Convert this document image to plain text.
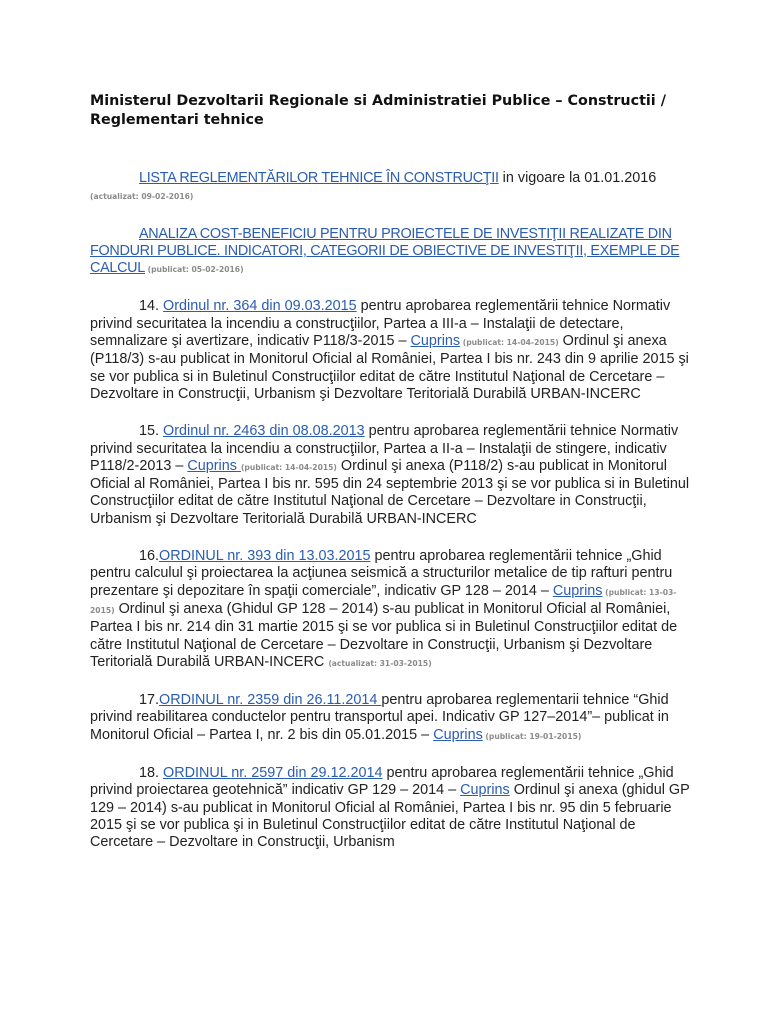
Ministerul Dezvoltarii Regionale si Administratiei Publice – Constructii / Reglementari tehnice
LISTA REGLEMENTĂRILOR TEHNICE ÎN CONSTRUCŢII in vigoare la 01.01.2016 (actualizat: 09-02-2016)
ANALIZA COST-BENEFICIU PENTRU PROIECTELE DE INVESTIŢII REALIZATE DIN FONDURI PUBLICE. INDICATORI, CATEGORII DE OBIECTIVE DE INVESTIŢII, EXEMPLE DE CALCUL (publicat: 05-02-2016)
14. Ordinul nr. 364 din 09.03.2015 pentru aprobarea reglementării tehnice Normativ privind securitatea la incendiu a construcţiilor, Partea a III-a – Instalaţii de detectare, semnalizare şi avertizare, indicativ P118/3-2015 – Cuprins (publicat: 14-04-2015) Ordinul şi anexa (P118/3) s-au publicat in Monitorul Oficial al României, Partea I bis nr. 243 din 9 aprilie 2015 şi se vor publica si in Buletinul Construcţiilor editat de către Institutul Naţional de Cercetare – Dezvoltare in Construcţii, Urbanism şi Dezvoltare Teritorială Durabilă URBAN-INCERC
15. Ordinul nr. 2463 din 08.08.2013 pentru aprobarea reglementării tehnice Normativ privind securitatea la incendiu a construcţiilor, Partea a II-a – Instalaţii de stingere, indicativ P118/2-2013 – Cuprins (publicat: 14-04-2015) Ordinul şi anexa (P118/2) s-au publicat in Monitorul Oficial al României, Partea I bis nr. 595 din 24 septembrie 2013 şi se vor publica si in Buletinul Construcţiilor editat de către Institutul Naţional de Cercetare – Dezvoltare in Construcţii, Urbanism şi Dezvoltare Teritorială Durabilă URBAN-INCERC
16.ORDINUL nr. 393 din 13.03.2015 pentru aprobarea reglementării tehnice „Ghid pentru calculul şi proiectarea la acţiunea seismică a structurilor metalice de tip rafturi pentru prezentare şi depozitare în spaţii comerciale”, indicativ GP 128 – 2014 – Cuprins (publicat: 13-03-2015) Ordinul şi anexa (Ghidul GP 128 – 2014) s-au publicat in Monitorul Oficial al României, Partea I bis nr. 214 din 31 martie 2015 şi se vor publica si in Buletinul Construcţiilor editat de către Institutul Naţional de Cercetare – Dezvoltare in Construcţii, Urbanism şi Dezvoltare Teritorială Durabilă URBAN-INCERC (actualizat: 31-03-2015)
17.ORDINUL nr. 2359 din 26.11.2014 pentru aprobarea reglementarii tehnice “Ghid privind reabilitarea conductelor pentru transportul apei. Indicativ GP 127–2014”– publicat in Monitorul Oficial – Partea I, nr. 2 bis din 05.01.2015 – Cuprins (publicat: 19-01-2015)
18. ORDINUL nr. 2597 din 29.12.2014 pentru aprobarea reglementării tehnice „Ghid privind proiectarea geotehnică” indicativ GP 129 – 2014 – Cuprins Ordinul şi anexa (ghidul GP 129 – 2014) s-au publicat in Monitorul Oficial al României, Partea I bis nr. 95 din 5 februarie 2015 şi se vor publica şi in Buletinul Construcţiilor editat de către Institutul Naţional de Cercetare – Dezvoltare in Construcţii, Urbanism
